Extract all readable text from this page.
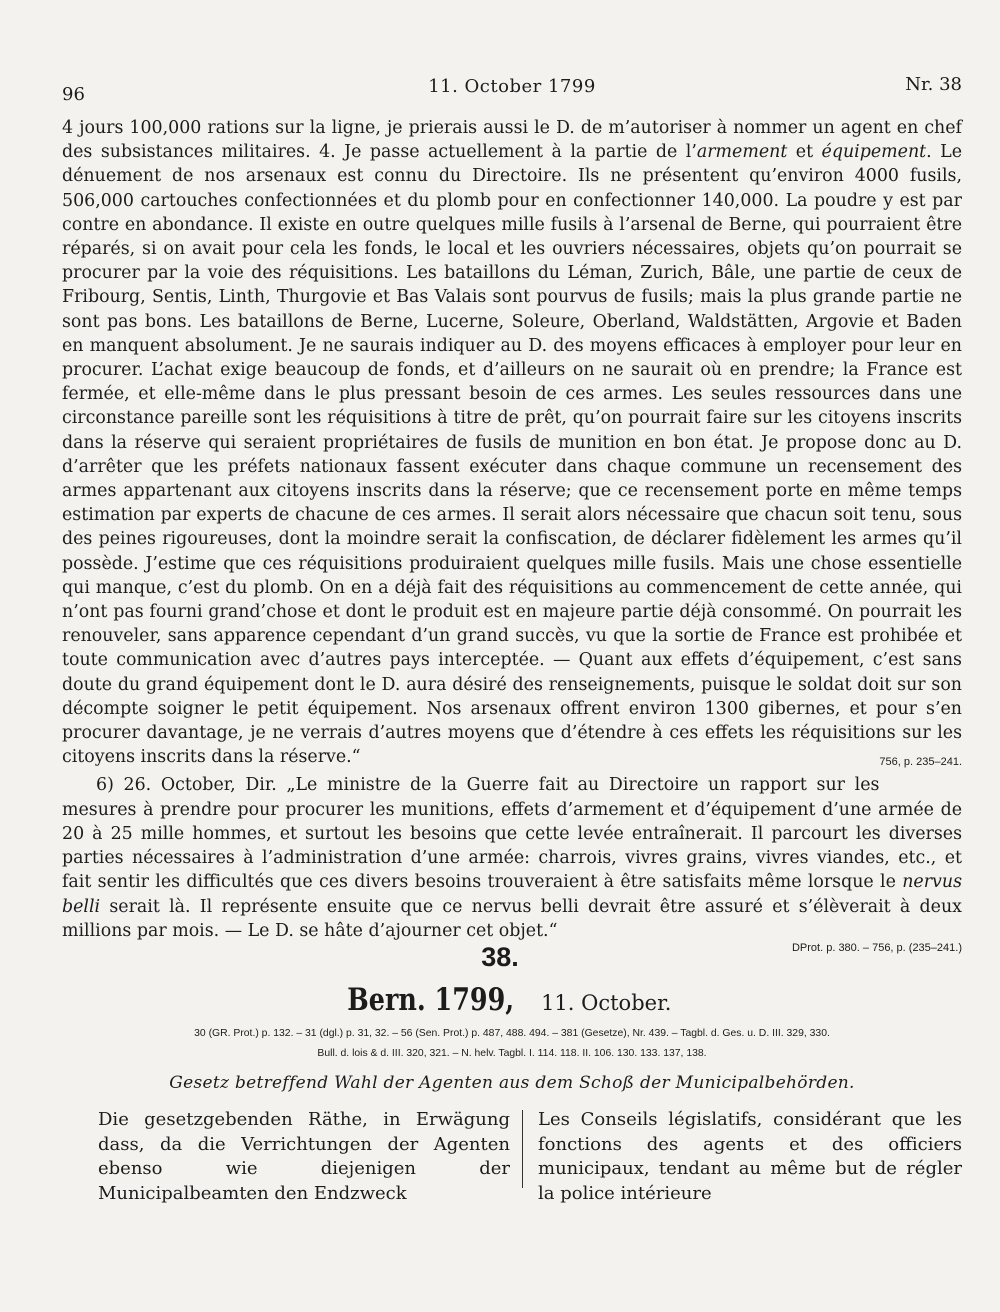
96	11. October 1799	Nr. 38

4 jours 100,000 rations sur la ligne, je prierais aussi le D. de m’autoriser à nommer un agent en chef des subsistances militaires. 4. Je passe actuellement à la partie de l’armement et équipement. Le dénuement de nos arsenaux est connu du Directoire. Ils ne présentent qu’environ 4000 fusils, 506,000 cartouches confectionnées et du plomb pour en confectionner 140,000. La poudre y est par contre en abondance. Il existe en outre quelques mille fusils à l’arsenal de Berne, qui pourraient être réparés, si on avait pour cela les fonds, le local et les ouvriers nécessaires, objets qu’on pourrait se procurer par la voie des réquisitions. Les bataillons du Léman, Zurich, Bâle, une partie de ceux de Fribourg, Sentis, Linth, Thurgovie et Bas Valais sont pourvus de fusils; mais la plus grande partie ne sont pas bons. Les bataillons de Berne, Lucerne, Soleure, Oberland, Waldstätten, Argovie et Baden en manquent absolument. Je ne saurais indiquer au D. des moyens efficaces à employer pour leur en procurer. L’achat exige beaucoup de fonds, et d’ailleurs on ne saurait où en prendre; la France est fermée, et elle-même dans le plus pressant besoin de ces armes. Les seules ressources dans une circonstance pareille sont les réquisitions à titre de prêt, qu’on pourrait faire sur les citoyens inscrits dans la réserve qui seraient propriétaires de fusils de munition en bon état. Je propose donc au D. d’arrêter que les préfets nationaux fassent exécuter dans chaque commune un recensement des armes appartenant aux citoyens inscrits dans la réserve; que ce recensement porte en même temps estimation par experts de chacune de ces armes. Il serait alors nécessaire que chacun soit tenu, sous des peines rigoureuses, dont la moindre serait la confiscation, de déclarer fidèlement les armes qu’il possède. J’estime que ces réquisitions produiraient quelques mille fusils. Mais une chose essentielle qui manque, c’est du plomb. On en a déjà fait des réquisitions au commencement de cette année, qui n’ont pas fourni grand’chose et dont le produit est en majeure partie déjà consommé. On pourrait les renouveler, sans apparence cependant d’un grand succès, vu que la sortie de France est prohibée et toute communication avec d’autres pays interceptée. — Quant aux effets d’équipement, c’est sans doute du grand équipement dont le D. aura désiré des renseignements, puisque le soldat doit sur son décompte soigner le petit équipement. Nos arsenaux offrent environ 1300 gibernes, et pour s’en procurer davantage, je ne verrais d’autres moyens que d’étendre à ces effets les réquisitions sur les citoyens inscrits dans la réserve.“	756, p. 235–241.

6) 26. October, Dir. „Le ministre de la Guerre fait au Directoire un rapport sur les mesures à prendre pour procurer les munitions, effets d’armement et d’équipement d’une armée de 20 à 25 mille hommes, et surtout les besoins que cette levée entraînerait. Il parcourt les diverses parties nécessaires à l’administration d’une armée: charrois, vivres grains, vivres viandes, etc., et fait sentir les difficultés que ces divers besoins trouveraient à être satisfaits même lorsque le nervus belli serait là. Il représente ensuite que ce nervus belli devrait être assuré et s’élèverait à deux millions par mois. — Le D. se hâte d’ajourner cet objet.“

DProt. p. 380. – 756, p. (235–241.)
38.
Bern. 1799, 11. October.
30 (GR. Prot.) p. 132. – 31 (dgl.) p. 31, 32. – 56 (Sen. Prot.) p. 487, 488. 494. – 381 (Gesetze), Nr. 439. – Tagbl. d. Ges. u. D. III. 329, 330.
Bull. d. lois & d. III. 320, 321. – N. helv. Tagbl. I. 114. 118. II. 106. 130. 133. 137, 138.
Gesetz betreffend Wahl der Agenten aus dem Schoß der Municipalbehörden.
Die gesetzgebenden Räthe, in Erwägung dass, da die Verrichtungen der Agenten ebenso wie diejenigen der Municipalbeamten den Endzweck
Les Conseils législatifs, considérant que les fonctions des agents et des officiers municipaux, tendant au même but de régler la police intérieure
